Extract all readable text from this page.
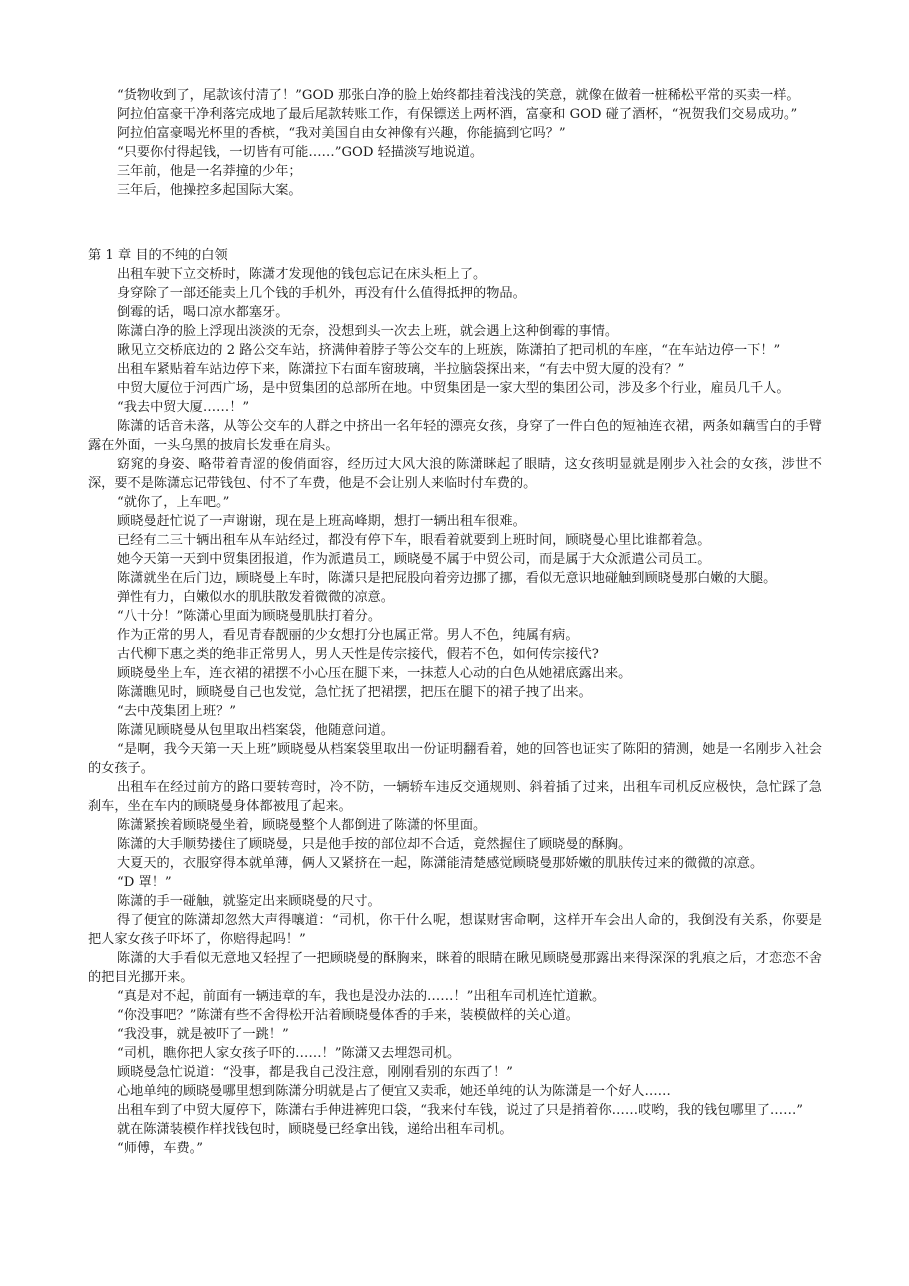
“货物收到了，尾款该付清了！”GOD 那张白净的脸上始终都挂着浅浅的笑意，就像在做着一桩稀松平常的买卖一样。

阿拉伯富豪干净利落完成地了最后尾款转账工作，有保镖送上两杯酒，富豪和 GOD 碰了酒杯，“祝贺我们交易成功。”

阿拉伯富豪喝光杯里的香槟，“我对美国自由女神像有兴趣，你能搞到它吗？”

“只要你付得起钱，一切皆有可能……”GOD 轻描淡写地说道。

三年前，他是一名莽撞的少年；

三年后，他操控多起国际大案。

第 1 章 目的不纯的白领

出租车驶下立交桥时，陈潇才发现他的钱包忘记在床头柜上了。

身穿除了一部还能卖上几个钱的手机外，再没有什么值得抵押的物品。

倒霉的话，喝口凉水都塞牙。

陈潇白净的脸上浮现出淡淡的无奈，没想到头一次去上班，就会遇上这种倒霉的事情。

瞅见立交桥底边的 2 路公交车站，挤满伸着脖子等公交车的上班族，陈潇拍了把司机的车座，“在车站边停一下！”

出租车紧贴着车站边停下来，陈潇拉下右面车窗玻璃，半拉脑袋探出来，“有去中贸大厦的没有？”

中贸大厦位于河西广场，是中贸集团的总部所在地。中贸集团是一家大型的集团公司，涉及多个行业，雇员几千人。

“我去中贸大厦……！”

陈潇的话音未落，从等公交车的人群之中挤出一名年轻的漂亮女孩，身穿了一件白色的短袖连衣裙，两条如藕雪白的手臂露在外面，一头乌黑的披肩长发垂在肩头。

窈窕的身姿、略带着青涩的俊俏面容，经历过大风大浪的陈潇眯起了眼睛，这女孩明显就是刚步入社会的女孩，涉世不深，要不是陈潇忘记带钱包、付不了车费，他是不会让别人来临时付车费的。

“就你了，上车吧。”

顾晓曼赶忙说了一声谢谢，现在是上班高峰期，想打一辆出租车很难。

已经有二三十辆出租车从车站经过，都没有停下车，眼看着就要到上班时间，顾晓曼心里比谁都着急。

她今天第一天到中贸集团报道，作为派遣员工，顾晓曼不属于中贸公司，而是属于大众派遣公司员工。

陈潇就坐在后门边，顾晓曼上车时，陈潇只是把屁股向着旁边挪了挪，看似无意识地碰触到顾晓曼那白嫩的大腿。

弹性有力，白嫩似水的肌肤散发着微微的凉意。

“八十分！”陈潇心里面为顾晓曼肌肤打着分。

作为正常的男人，看见青春靓丽的少女想打分也属正常。男人不色，纯属有病。

古代柳下惠之类的绝非正常男人，男人天性是传宗接代，假若不色，如何传宗接代?

顾晓曼坐上车，连衣裙的裙摆不小心压在腿下来，一抹惹人心动的白色从她裙底露出来。

陈潇瞧见时，顾晓曼自己也发觉，急忙抚了把裙摆，把压在腿下的裙子拽了出来。

“去中茂集团上班？”

陈潇见顾晓曼从包里取出档案袋，他随意问道。

“是啊，我今天第一天上班”顾晓曼从档案袋里取出一份证明翻看着，她的回答也证实了陈阳的猜测，她是一名刚步入社会的女孩子。

出租车在经过前方的路口要转弯时，冷不防，一辆轿车违反交通规则、斜着插了过来，出租车司机反应极快，急忙踩了急刹车，坐在车内的顾晓曼身体都被甩了起来。

陈潇紧挨着顾晓曼坐着，顾晓曼整个人都倒进了陈潇的怀里面。

陈潇的大手顺势搂住了顾晓曼，只是他手按的部位却不合适，竟然握住了顾晓曼的酥胸。

大夏天的，衣服穿得本就单薄，俩人又紧挤在一起，陈潇能清楚感觉顾晓曼那娇嫩的肌肤传过来的微微的凉意。

“D 罩！”

陈潇的手一碰触，就鉴定出来顾晓曼的尺寸。

得了便宜的陈潇却忽然大声得嚷道：“司机，你干什么呢，想谋财害命啊，这样开车会出人命的，我倒没有关系，你要是把人家女孩子吓坏了，你赔得起吗！”

陈潇的大手看似无意地又轻捏了一把顾晓曼的酥胸来，眯着的眼睛在瞅见顾晓曼那露出来得深深的乳痕之后，才恋恋不舍的把目光挪开来。

“真是对不起，前面有一辆违章的车，我也是没办法的……！”出租车司机连忙道歉。

“你没事吧？”陈潇有些不舍得松开沾着顾晓曼体香的手来，装模做样的关心道。

“我没事，就是被吓了一跳！”

“司机，瞧你把人家女孩子吓的……！”陈潇又去埋怨司机。

顾晓曼急忙说道：“没事，都是我自己没注意，刚刚看别的东西了！”

心地单纯的顾晓曼哪里想到陈潇分明就是占了便宜又卖乖，她还单纯的认为陈潇是一个好人……

出租车到了中贸大厦停下，陈潇右手伸进裤兜口袋，“我来付车钱，说过了只是捎着你……哎哟，我的钱包哪里了……”

就在陈潇装模作样找钱包时，顾晓曼已经拿出钱，递给出租车司机。

“师傅，车费。”
